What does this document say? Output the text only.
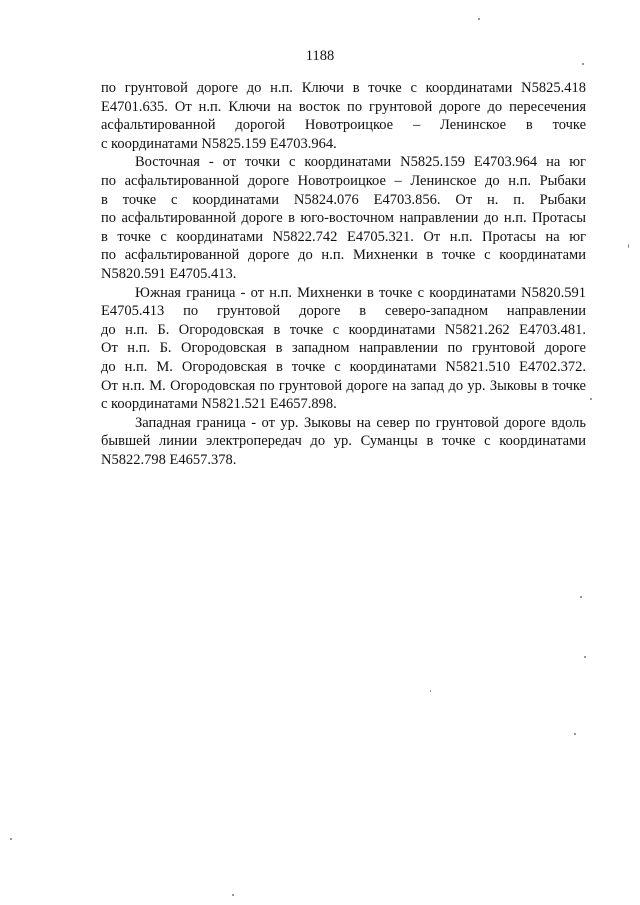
1188

по грунтовой дороге до н.п. Ключи в точке с координатами N5825.418
E4701.635. От н.п. Ключи на восток по грунтовой дороге до пересечения
асфальтированной дорогой Новотроицкое – Ленинское в точке
с координатами N5825.159 E4703.964.

Восточная - от точки с координатами N5825.159 E4703.964 на юг
по асфальтированной дороге Новотроицкое – Ленинское до н.п. Рыбаки
в точке с координатами N5824.076 E4703.856. От н. п. Рыбаки
по асфальтированной дороге в юго-восточном направлении до н.п. Протасы
в точке с координатами N5822.742 E4705.321. От н.п. Протасы на юг
по асфальтированной дороге до н.п. Михненки в точке с координатами
N5820.591 E4705.413.

Южная граница - от н.п. Михненки в точке с координатами N5820.591
E4705.413 по грунтовой дороге в северо-западном направлении
до н.п. Б. Огородовская в точке с координатами N5821.262 E4703.481.
От н.п. Б. Огородовская в западном направлении по грунтовой дороге
до н.п. М. Огородовская в точке с координатами N5821.510 E4702.372.
От н.п. М. Огородовская по грунтовой дороге на запад до ур. Зыковы в точке
с координатами N5821.521 E4657.898.

Западная граница - от ур. Зыковы на север по грунтовой дороге вдоль
бывшей линии электропередач до ур. Суманцы в точке с координатами
N5822.798 E4657.378.
